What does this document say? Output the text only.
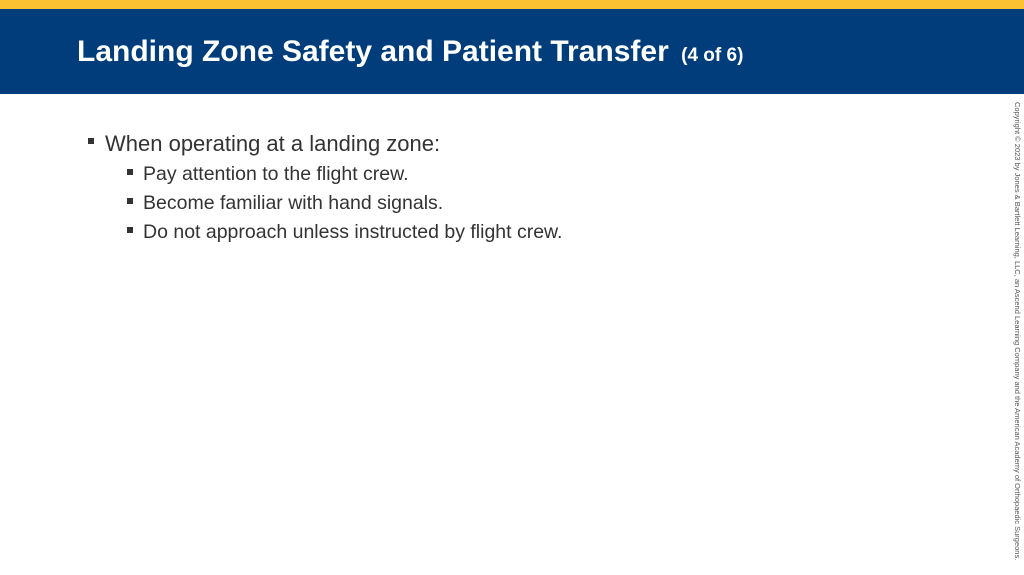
Landing Zone Safety and Patient Transfer (4 of 6)
When operating at a landing zone:
Pay attention to the flight crew.
Become familiar with hand signals.
Do not approach unless instructed by flight crew.	Copyright © 2023 by Jones & Bartlett Learning, LLC, an Ascend Learning Company and the American Academy of Orthopaedic Surgeons.
